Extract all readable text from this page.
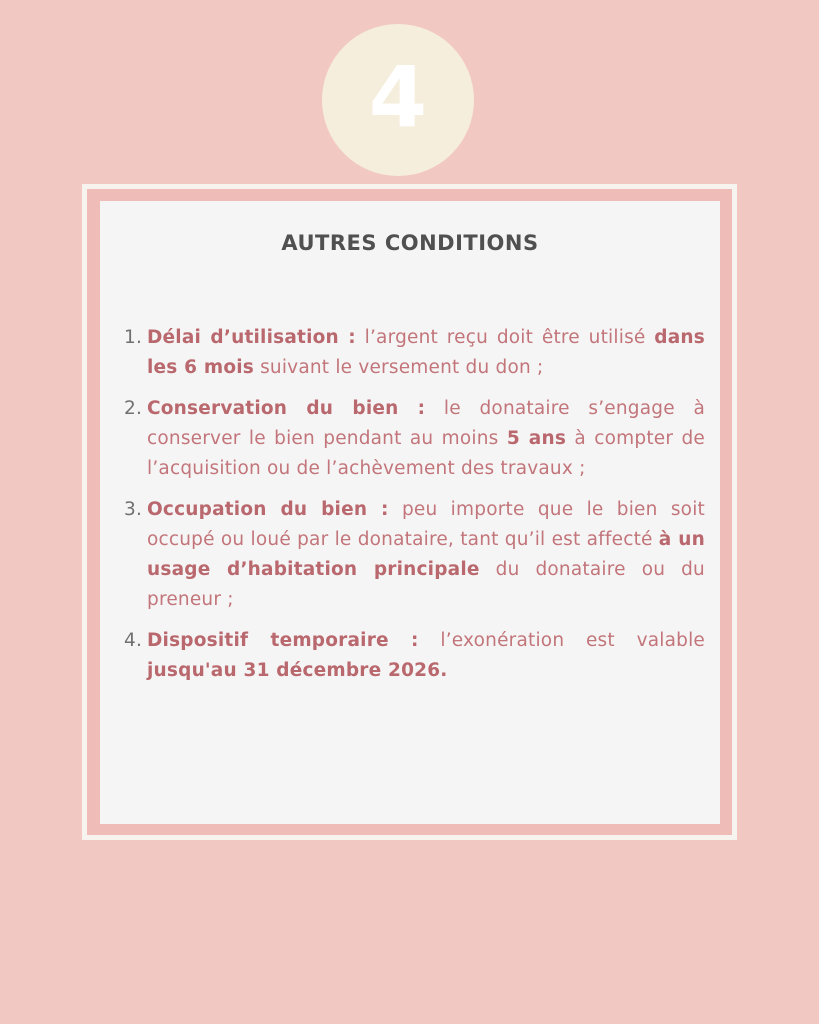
4
AUTRES CONDITIONS
1. Délai d’utilisation : l’argent reçu doit être utilisé dans les 6 mois suivant le versement du don ;
2. Conservation du bien : le donataire s’engage à conserver le bien pendant au moins 5 ans à compter de l’acquisition ou de l’achèvement des travaux ;
3. Occupation du bien : peu importe que le bien soit occupé ou loué par le donataire, tant qu’il est affecté à un usage d’habitation principale du donataire ou du preneur ;
4. Dispositif temporaire : l’exonération est valable jusqu'au 31 décembre 2026.
